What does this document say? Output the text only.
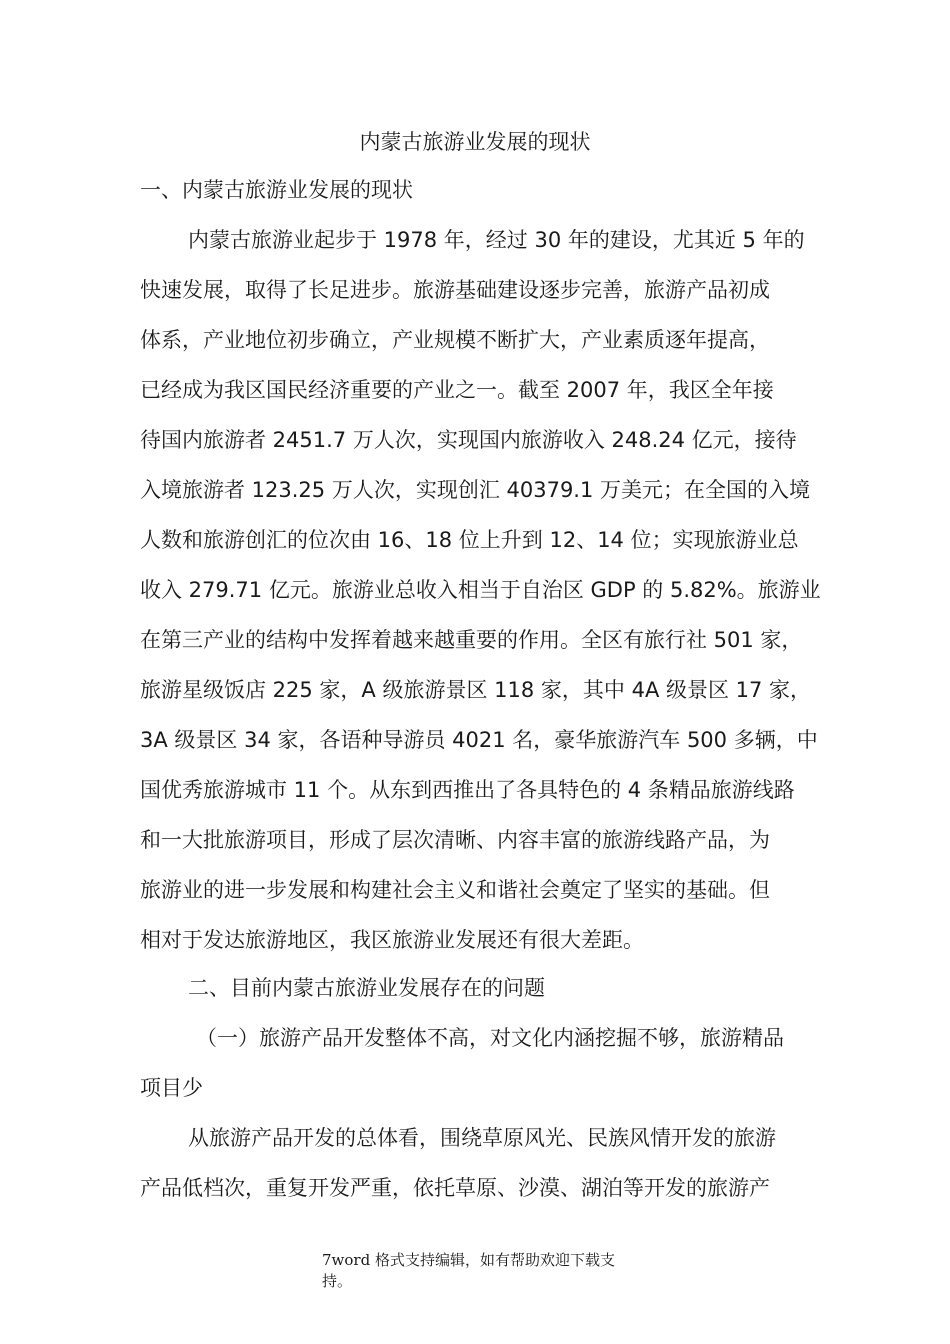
内蒙古旅游业发展的现状
一、内蒙古旅游业发展的现状
内蒙古旅游业起步于 1978 年，经过 30 年的建设，尤其近 5 年的
快速发展，取得了长足进步。旅游基础建设逐步完善，旅游产品初成
体系，产业地位初步确立，产业规模不断扩大，产业素质逐年提高，
已经成为我区国民经济重要的产业之一。截至 2007 年，我区全年接
待国内旅游者 2451.7 万人次，实现国内旅游收入 248.24 亿元，接待
入境旅游者 123.25 万人次，实现创汇 40379.1 万美元；在全国的入境
人数和旅游创汇的位次由 16、18 位上升到 12、14 位；实现旅游业总
收入 279.71 亿元。旅游业总收入相当于自治区 GDP 的 5.82%。旅游业
在第三产业的结构中发挥着越来越重要的作用。全区有旅行社 501 家，
旅游星级饭店 225 家，A 级旅游景区 118 家，其中 4A 级景区 17 家，
3A 级景区 34 家，各语种导游员 4021 名，豪华旅游汽车 500 多辆，中
国优秀旅游城市 11 个。从东到西推出了各具特色的 4 条精品旅游线路
和一大批旅游项目，形成了层次清晰、内容丰富的旅游线路产品，为
旅游业的进一步发展和构建社会主义和谐社会奠定了坚实的基础。但
相对于发达旅游地区，我区旅游业发展还有很大差距。
二、目前内蒙古旅游业发展存在的问题
（一）旅游产品开发整体不高，对文化内涵挖掘不够，旅游精品
项目少
从旅游产品开发的总体看，围绕草原风光、民族风情开发的旅游
产品低档次，重复开发严重，依托草原、沙漠、湖泊等开发的旅游产
7word 格式支持编辑，如有帮助欢迎下载支
持。
